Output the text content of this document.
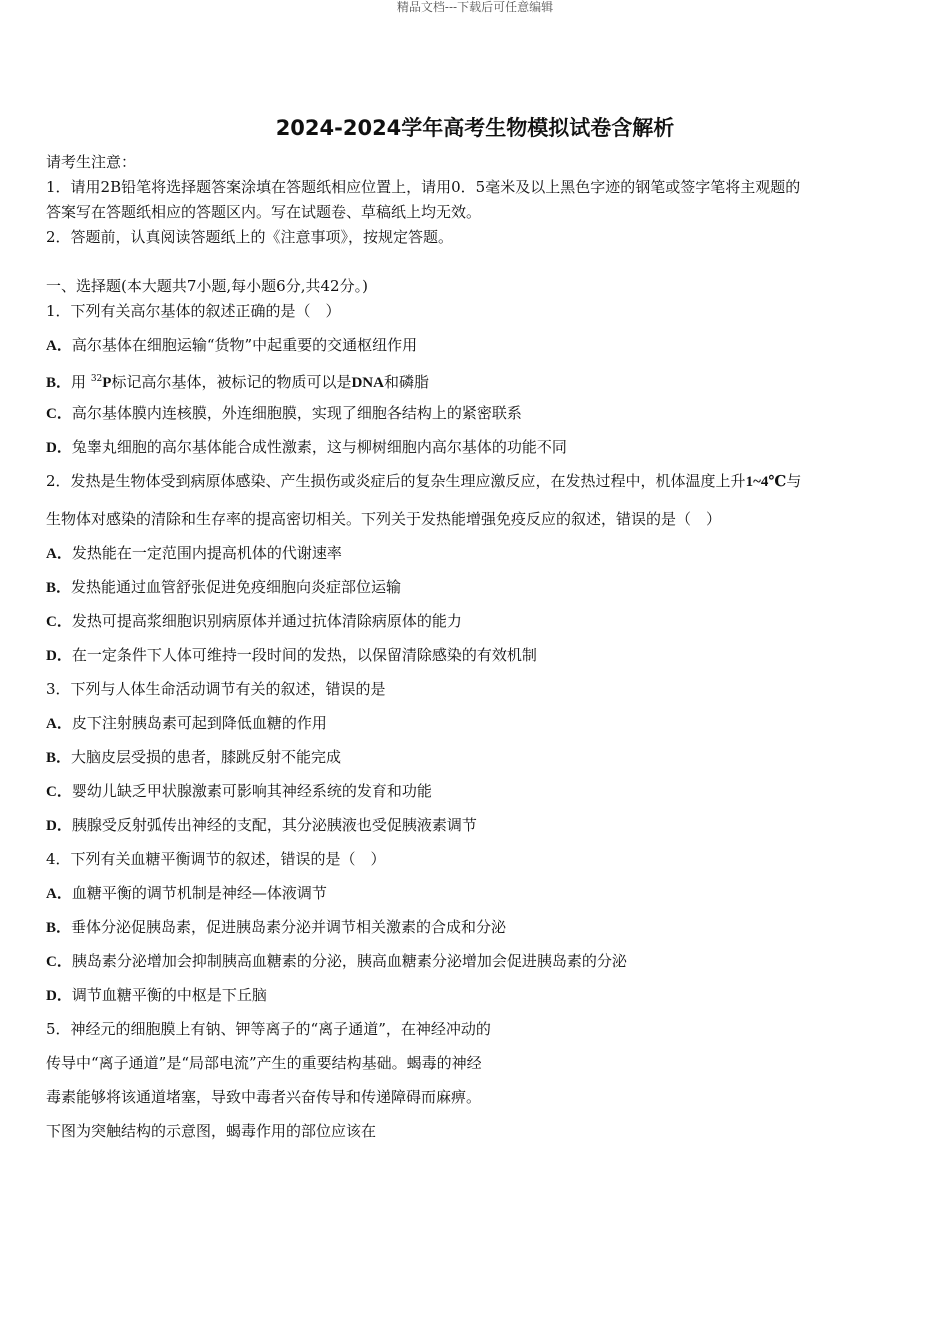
精品文档---下载后可任意编辑
2024-2024学年高考生物模拟试卷含解析
请考生注意：
1．请用2B铅笔将选择题答案涂填在答题纸相应位置上，请用0．5毫米及以上黑色字迹的钢笔或签字笔将主观题的
答案写在答题纸相应的答题区内。写在试题卷、草稿纸上均无效。
2．答题前，认真阅读答题纸上的《注意事项》，按规定答题。
一、选择题(本大题共7小题,每小题6分,共42分。)
1．下列有关高尔基体的叙述正确的是（　）
A．高尔基体在细胞运输“货物”中起重要的交通枢纽作用
B．用 $^{32}$P标记高尔基体，被标记的物质可以是DNA和磷脂
C．高尔基体膜内连核膜，外连细胞膜，实现了细胞各结构上的紧密联系
D．兔睾丸细胞的高尔基体能合成性激素，这与柳树细胞内高尔基体的功能不同
2．发热是生物体受到病原体感染、产生损伤或炎症后的复杂生理应激反应，在发热过程中，机体温度上升1~4℃与
生物体对感染的清除和生存率的提高密切相关。下列关于发热能增强免疫反应的叙述，错误的是（　）
A．发热能在一定范围内提高机体的代谢速率
B．发热能通过血管舒张促进免疫细胞向炎症部位运输
C．发热可提高浆细胞识别病原体并通过抗体清除病原体的能力
D．在一定条件下人体可维持一段时间的发热，以保留清除感染的有效机制
3．下列与人体生命活动调节有关的叙述，错误的是
A．皮下注射胰岛素可起到降低血糖的作用
B．大脑皮层受损的患者，膝跳反射不能完成
C．婴幼儿缺乏甲状腺激素可影响其神经系统的发育和功能
D．胰腺受反射弧传出神经的支配，其分泌胰液也受促胰液素调节
4．下列有关血糖平衡调节的叙述，错误的是（　）
A．血糖平衡的调节机制是神经—体液调节
B．垂体分泌促胰岛素，促进胰岛素分泌并调节相关激素的合成和分泌
C．胰岛素分泌增加会抑制胰高血糖素的分泌，胰高血糖素分泌增加会促进胰岛素的分泌
D．调节血糖平衡的中枢是下丘脑
5．神经元的细胞膜上有钠、钾等离子的“离子通道”，在神经冲动的
传导中“离子通道”是“局部电流”产生的重要结构基础。蝎毒的神经
毒素能够将该通道堵塞，导致中毒者兴奋传导和传递障碍而麻痹。
下图为突触结构的示意图，蝎毒作用的部位应该在
